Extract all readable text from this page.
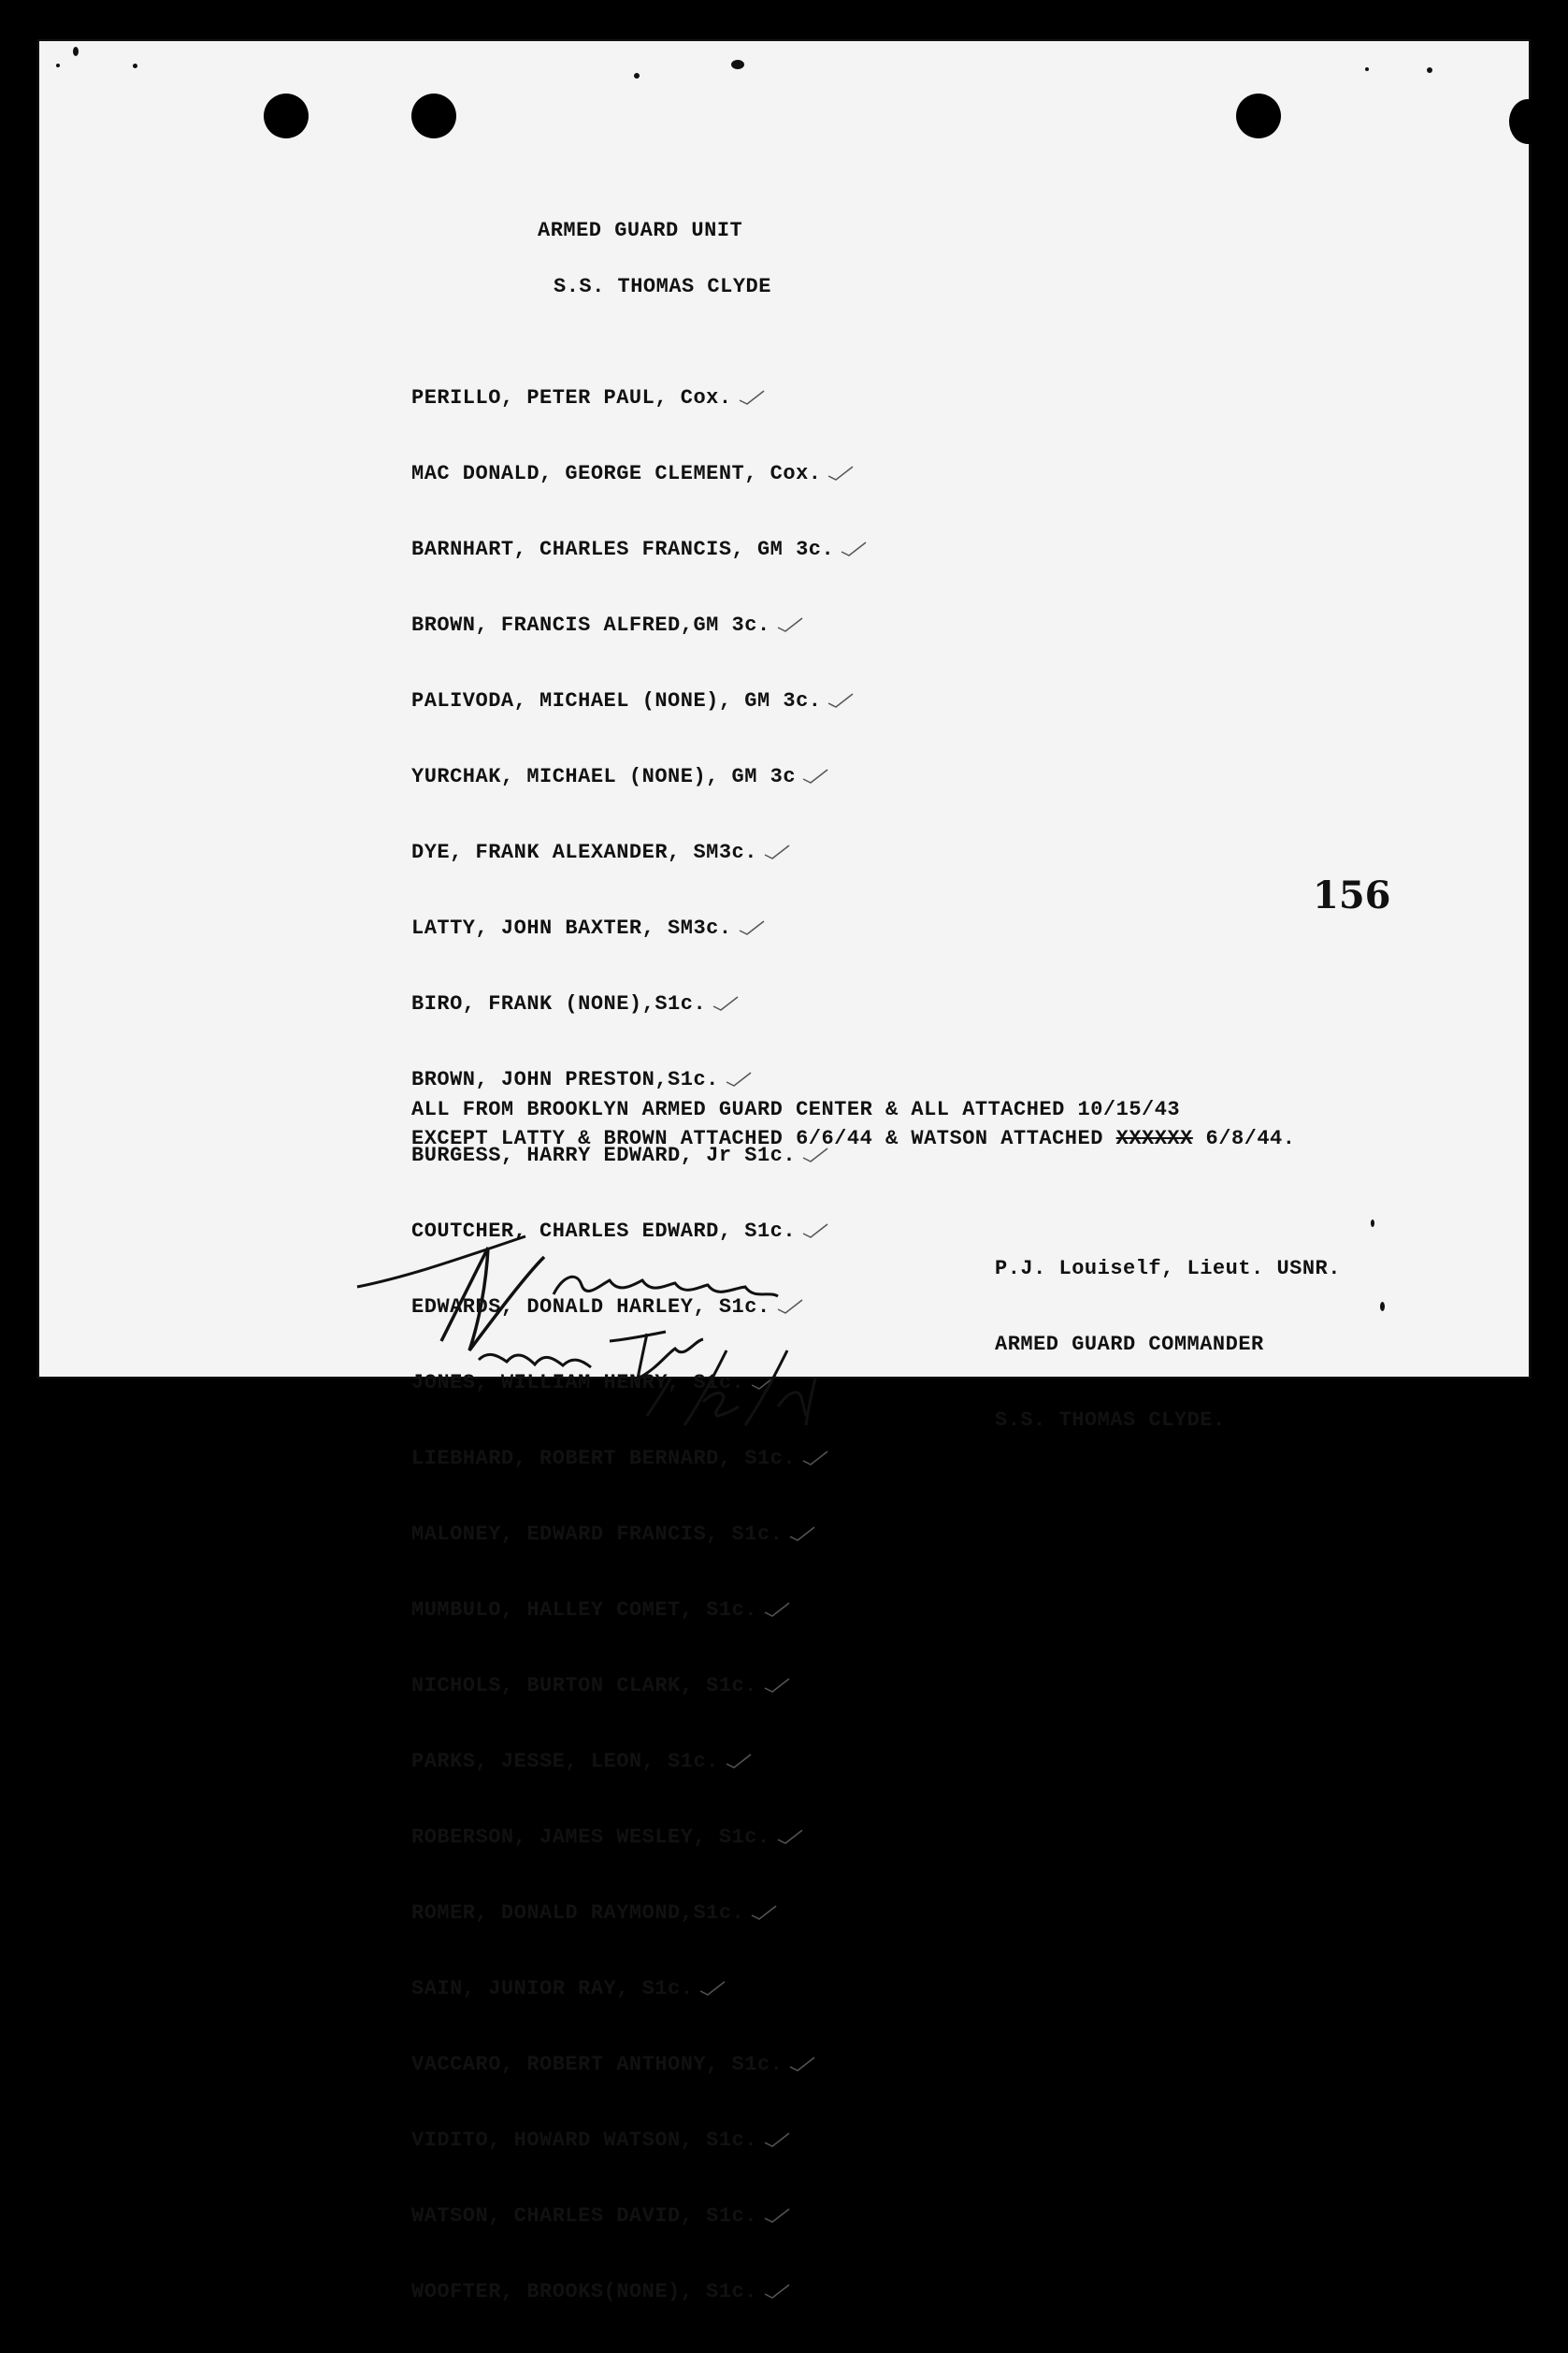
ARMED GUARD UNIT
S.S. THOMAS CLYDE

PERILLO, PETER PAUL, Cox.

MAC DONALD, GEORGE CLEMENT, Cox.

BARNHART, CHARLES FRANCIS, GM 3c.

BROWN, FRANCIS ALFRED,GM 3c.

PALIVODA, MICHAEL (NONE), GM 3c.

YURCHAK, MICHAEL (NONE), GM 3c

DYE, FRANK ALEXANDER, SM3c.

LATTY, JOHN BAXTER, SM3c.

BIRO, FRANK (NONE),S1c.

BROWN, JOHN PRESTON,S1c.

BURGESS, HARRY EDWARD, Jr S1c.

COUTCHER, CHARLES EDWARD, S1c.

EDWARDS, DONALD HARLEY, S1c.

JONES, WILLIAM HENRY, S1c.

LIEBHARD, ROBERT BERNARD, S1c.

MALONEY, EDWARD FRANCIS, S1c.

MUMBULO, HALLEY COMET, S1c.

NICHOLS, BURTON CLARK, S1c.

PARKS, JESSE, LEON, S1c.

ROBERSON, JAMES WESLEY, S1c.

ROMER, DONALD RAYMOND,S1c.

SAIN, JUNIOR RAY, S1c.

VACCARO, ROBERT ANTHONY, S1c.

VIDITO, HOWARD WATSON, S1c.

WATSON, CHARLES DAVID, S1c.

WOOFTER, BROOKS(NONE), S1c.

156
ALL FROM BROOKLYN ARMED GUARD CENTER & ALL ATTACHED 10/15/43
EXCEPT LATTY & BROWN ATTACHED 6/6/44 & WATSON ATTACHED XXXXXX 6/8/44.

P.J. Louiself, Lieut. USNR.

ARMED GUARD COMMANDER

S.S. THOMAS CLYDE.
